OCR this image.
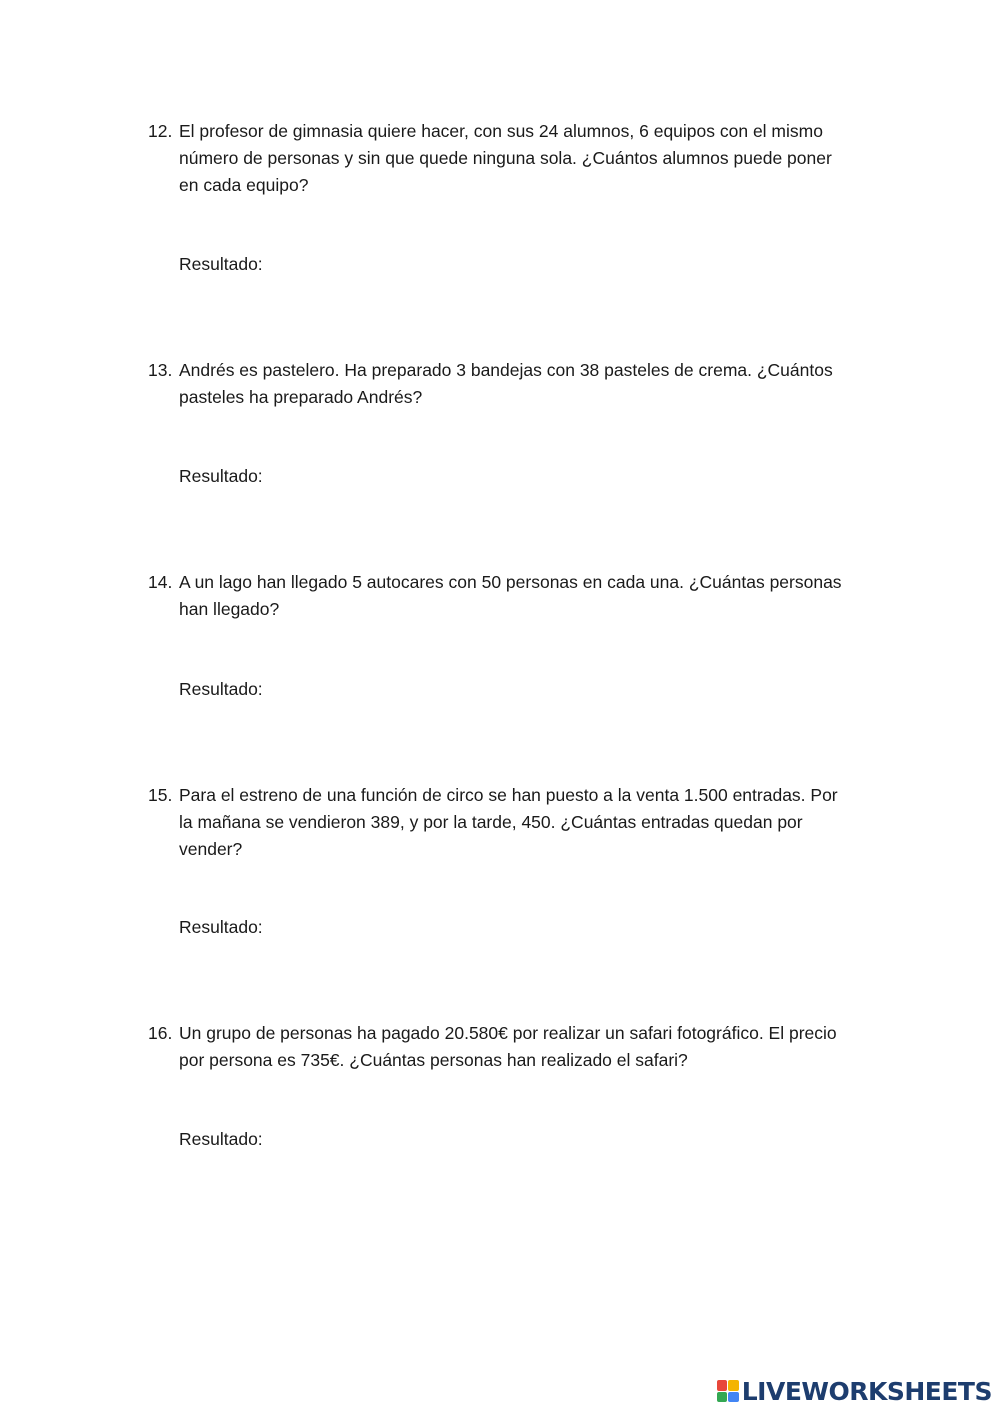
12. El profesor de gimnasia quiere hacer, con sus 24 alumnos, 6 equipos con el mismo
número de personas y sin que quede ninguna sola. ¿Cuántos alumnos puede poner
en cada equipo?
Resultado:
13. Andrés es pastelero. Ha preparado 3 bandejas con 38 pasteles de crema. ¿Cuántos
pasteles ha preparado Andrés?
Resultado:
14. A un lago han llegado 5 autocares con 50 personas en cada una. ¿Cuántas personas
han llegado?
Resultado:
15. Para el estreno de una función de circo se han puesto a la venta 1.500 entradas. Por
la mañana se vendieron 389, y por la tarde, 450. ¿Cuántas entradas quedan por
vender?
Resultado:
16. Un grupo de personas ha pagado 20.580€ por realizar un safari fotográfico. El precio
por persona es 735€. ¿Cuántas personas han realizado el safari?
Resultado:
LIVEWORKSHEETS
